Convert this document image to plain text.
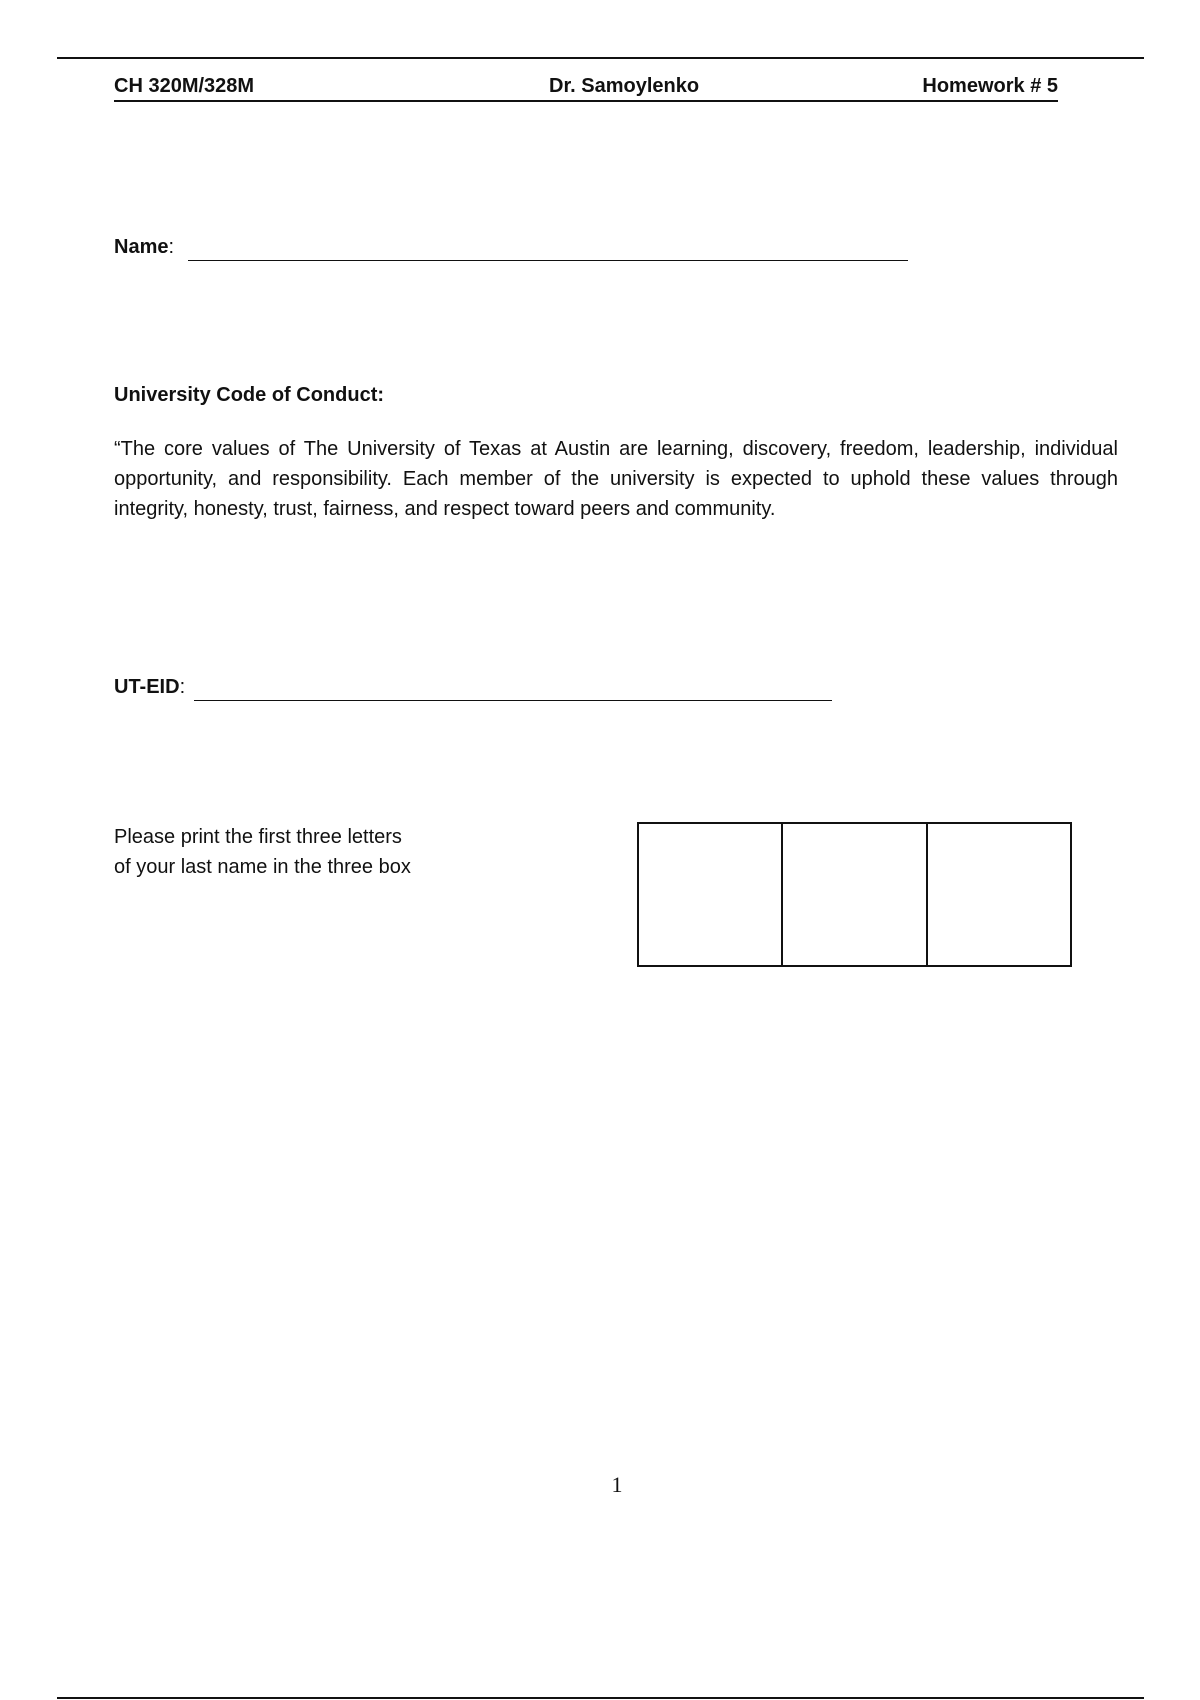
CH 320M/328M	Dr. Samoylenko	Homework # 5
Name:
University Code of Conduct:

“The core values of The University of Texas at Austin are learning, discovery, freedom, leadership, individual opportunity, and responsibility. Each member of the university is expected to uphold these values through integrity, honesty, trust, fairness, and respect toward peers and community.

UT-EID:

Please print the first three letters
of your last name in the three box

1
